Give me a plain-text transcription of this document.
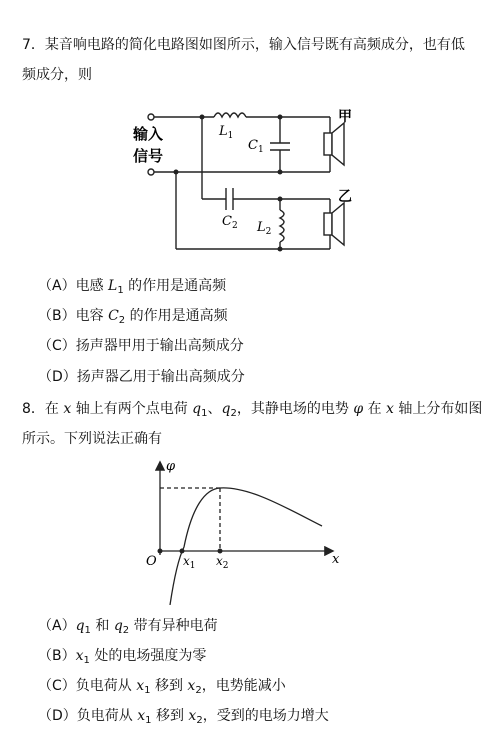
7．某音响电路的简化电路图如图所示，输入信号既有高频成分，也有低
频成分，则
输入
信号
$L_1$
$C_1$
$C_2$ $L_2$
甲
乙
（A）电感 $L_1$ 的作用是通高频
（B）电容 $C_2$ 的作用是通高频
（C）扬声器甲用于输出高频成分
（D）扬声器乙用于输出高频成分
8．在 x 轴上有两个点电荷 $q_1$、$q_2$，其静电场的电势 φ 在 x 轴上分布如图
所示。下列说法正确有
φ
O	x
$x_1$ $x_2$
$(A)q_1$ 和 $q_2$ 带有异种电荷
$(B)x_1$ 处的电场强度为零
（C）负电荷从 $x_1$ 移到 $x_2$，电势能减小
（D）负电荷从 $x_1$ 移到 $x_2$，受到的电场力增大
